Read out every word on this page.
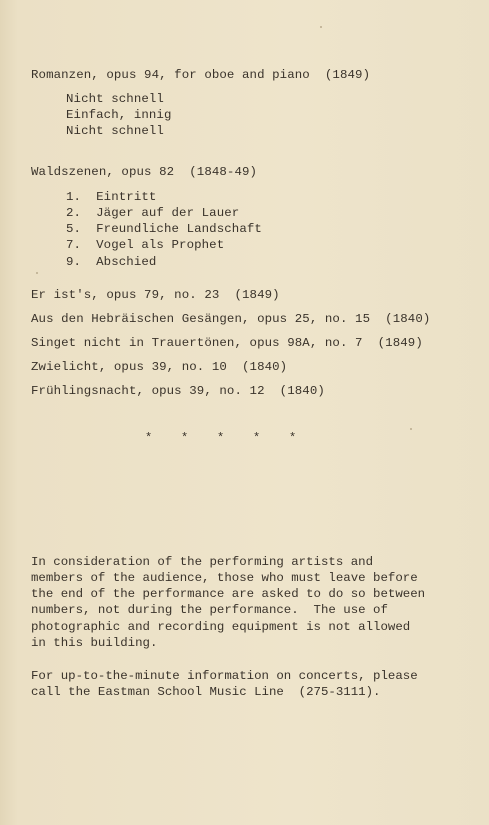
Romanzen, opus 94, for oboe and piano  (1849)
Nicht schnell
Einfach, innig
Nicht schnell
Waldszenen, opus 82  (1848-49)
1.  Eintritt
2.  Jäger auf der Lauer
5.  Freundliche Landschaft
7.  Vogel als Prophet
9.  Abschied
Er ist's, opus 79, no. 23  (1849)
Aus den Hebräischen Gesängen, opus 25, no. 15  (1840)
Singet nicht in Trauertönen, opus 98A, no. 7  (1849)
Zwielicht, opus 39, no. 10  (1840)
Frühlingsnacht, opus 39, no. 12  (1840)
*    *    *    *    *
In consideration of the performing artists and
members of the audience, those who must leave before
the end of the performance are asked to do so between
numbers, not during the performance.  The use of
photographic and recording equipment is not allowed
in this building.
For up-to-the-minute information on concerts, please
call the Eastman School Music Line  (275-3111).
